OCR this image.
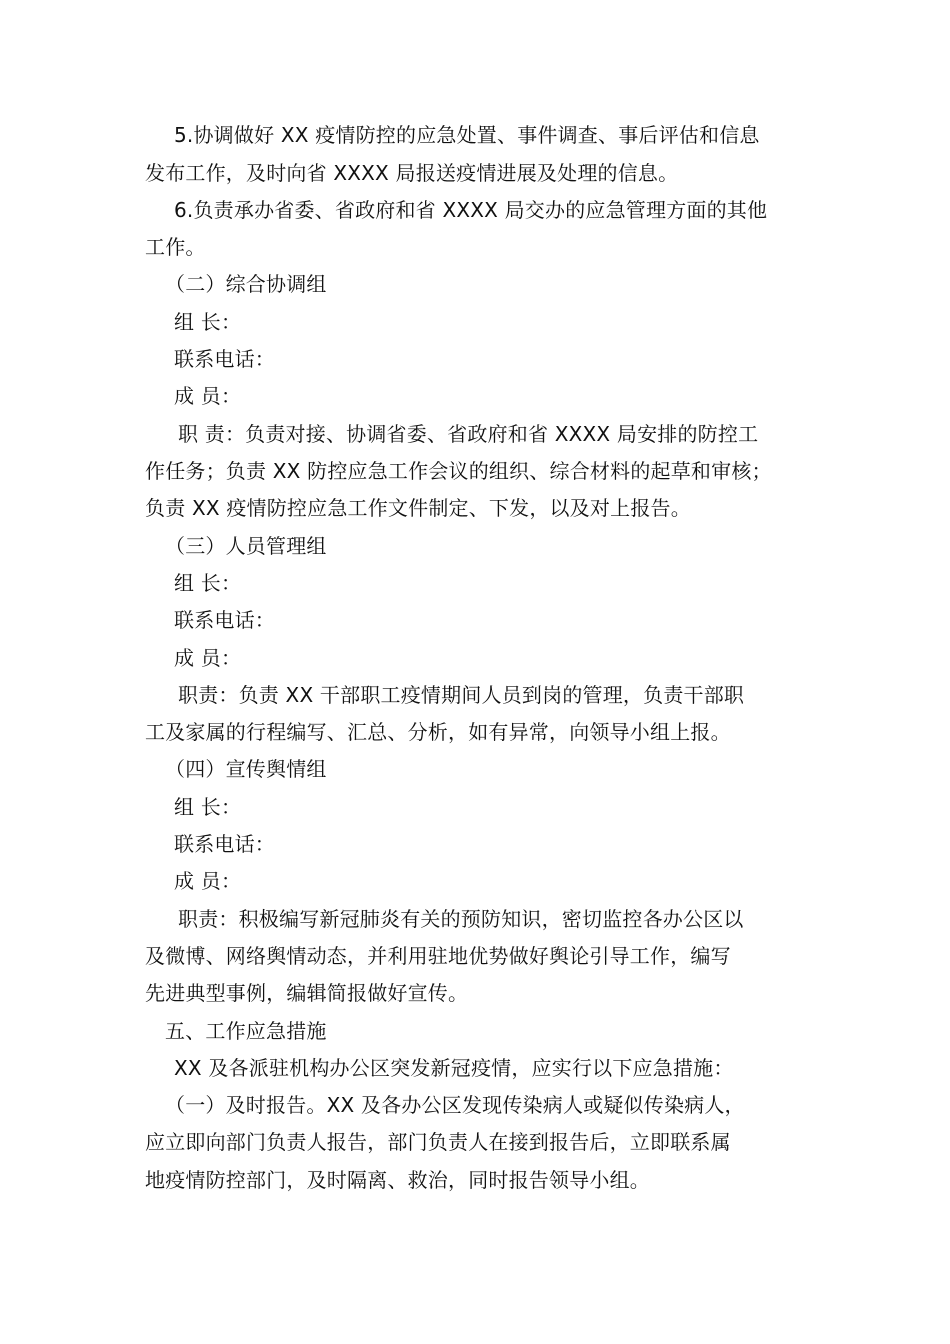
5.协调做好 XX 疫情防控的应急处置、事件调查、事后评估和信息
发布工作，及时向省 XXXX 局报送疫情进展及处理的信息。
6.负责承办省委、省政府和省 XXXX 局交办的应急管理方面的其他
工作。
（二）综合协调组
组 长：
联系电话：
成 员：
职 责：负责对接、协调省委、省政府和省 XXXX 局安排的防控工
作任务；负责 XX 防控应急工作会议的组织、综合材料的起草和审核；
负责 XX 疫情防控应急工作文件制定、下发，以及对上报告。
（三）人员管理组
组 长：
联系电话：
成 员：
职责：负责 XX 干部职工疫情期间人员到岗的管理，负责干部职
工及家属的行程编写、汇总、分析，如有异常，向领导小组上报。
（四）宣传舆情组
组 长：
联系电话：
成 员：
职责：积极编写新冠肺炎有关的预防知识，密切监控各办公区以
及微博、网络舆情动态，并利用驻地优势做好舆论引导工作，编写
先进典型事例，编辑简报做好宣传。
五、工作应急措施
XX 及各派驻机构办公区突发新冠疫情，应实行以下应急措施：
（一）及时报告。XX 及各办公区发现传染病人或疑似传染病人，
应立即向部门负责人报告，部门负责人在接到报告后，立即联系属
地疫情防控部门，及时隔离、救治，同时报告领导小组。
